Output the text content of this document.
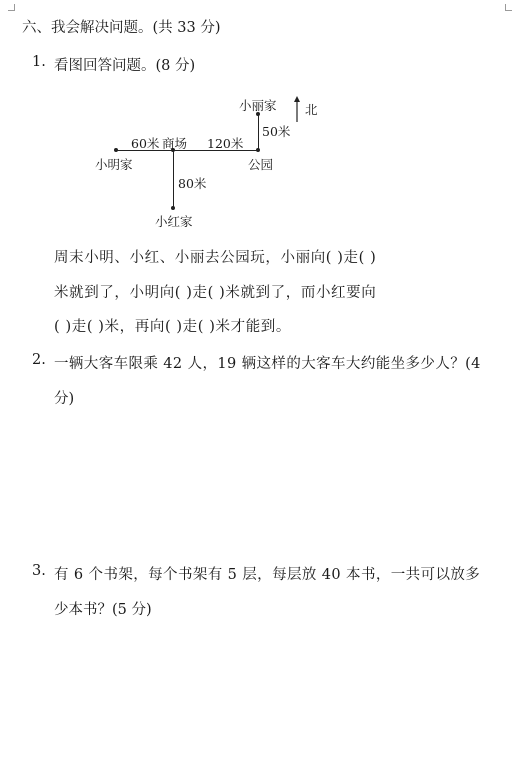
六、我会解决问题。(共 33 分)
1. 看图回答问题。(8 分)
小丽家 北
50米
60米 商场 120米
小明家	公园
80米
小红家
周末小明、小红、小丽去公园玩，小丽向( )走( )
米就到了，小明向( )走( )米就到了，而小红要向
( )走( )米，再向( )走( )米才能到。
2. 一辆大客车限乘 42 人，19 辆这样的大客车大约能坐多少人？(4
分)
3. 有 6 个书架，每个书架有 5 层，每层放 40 本书，一共可以放多
少本书？(5 分)
